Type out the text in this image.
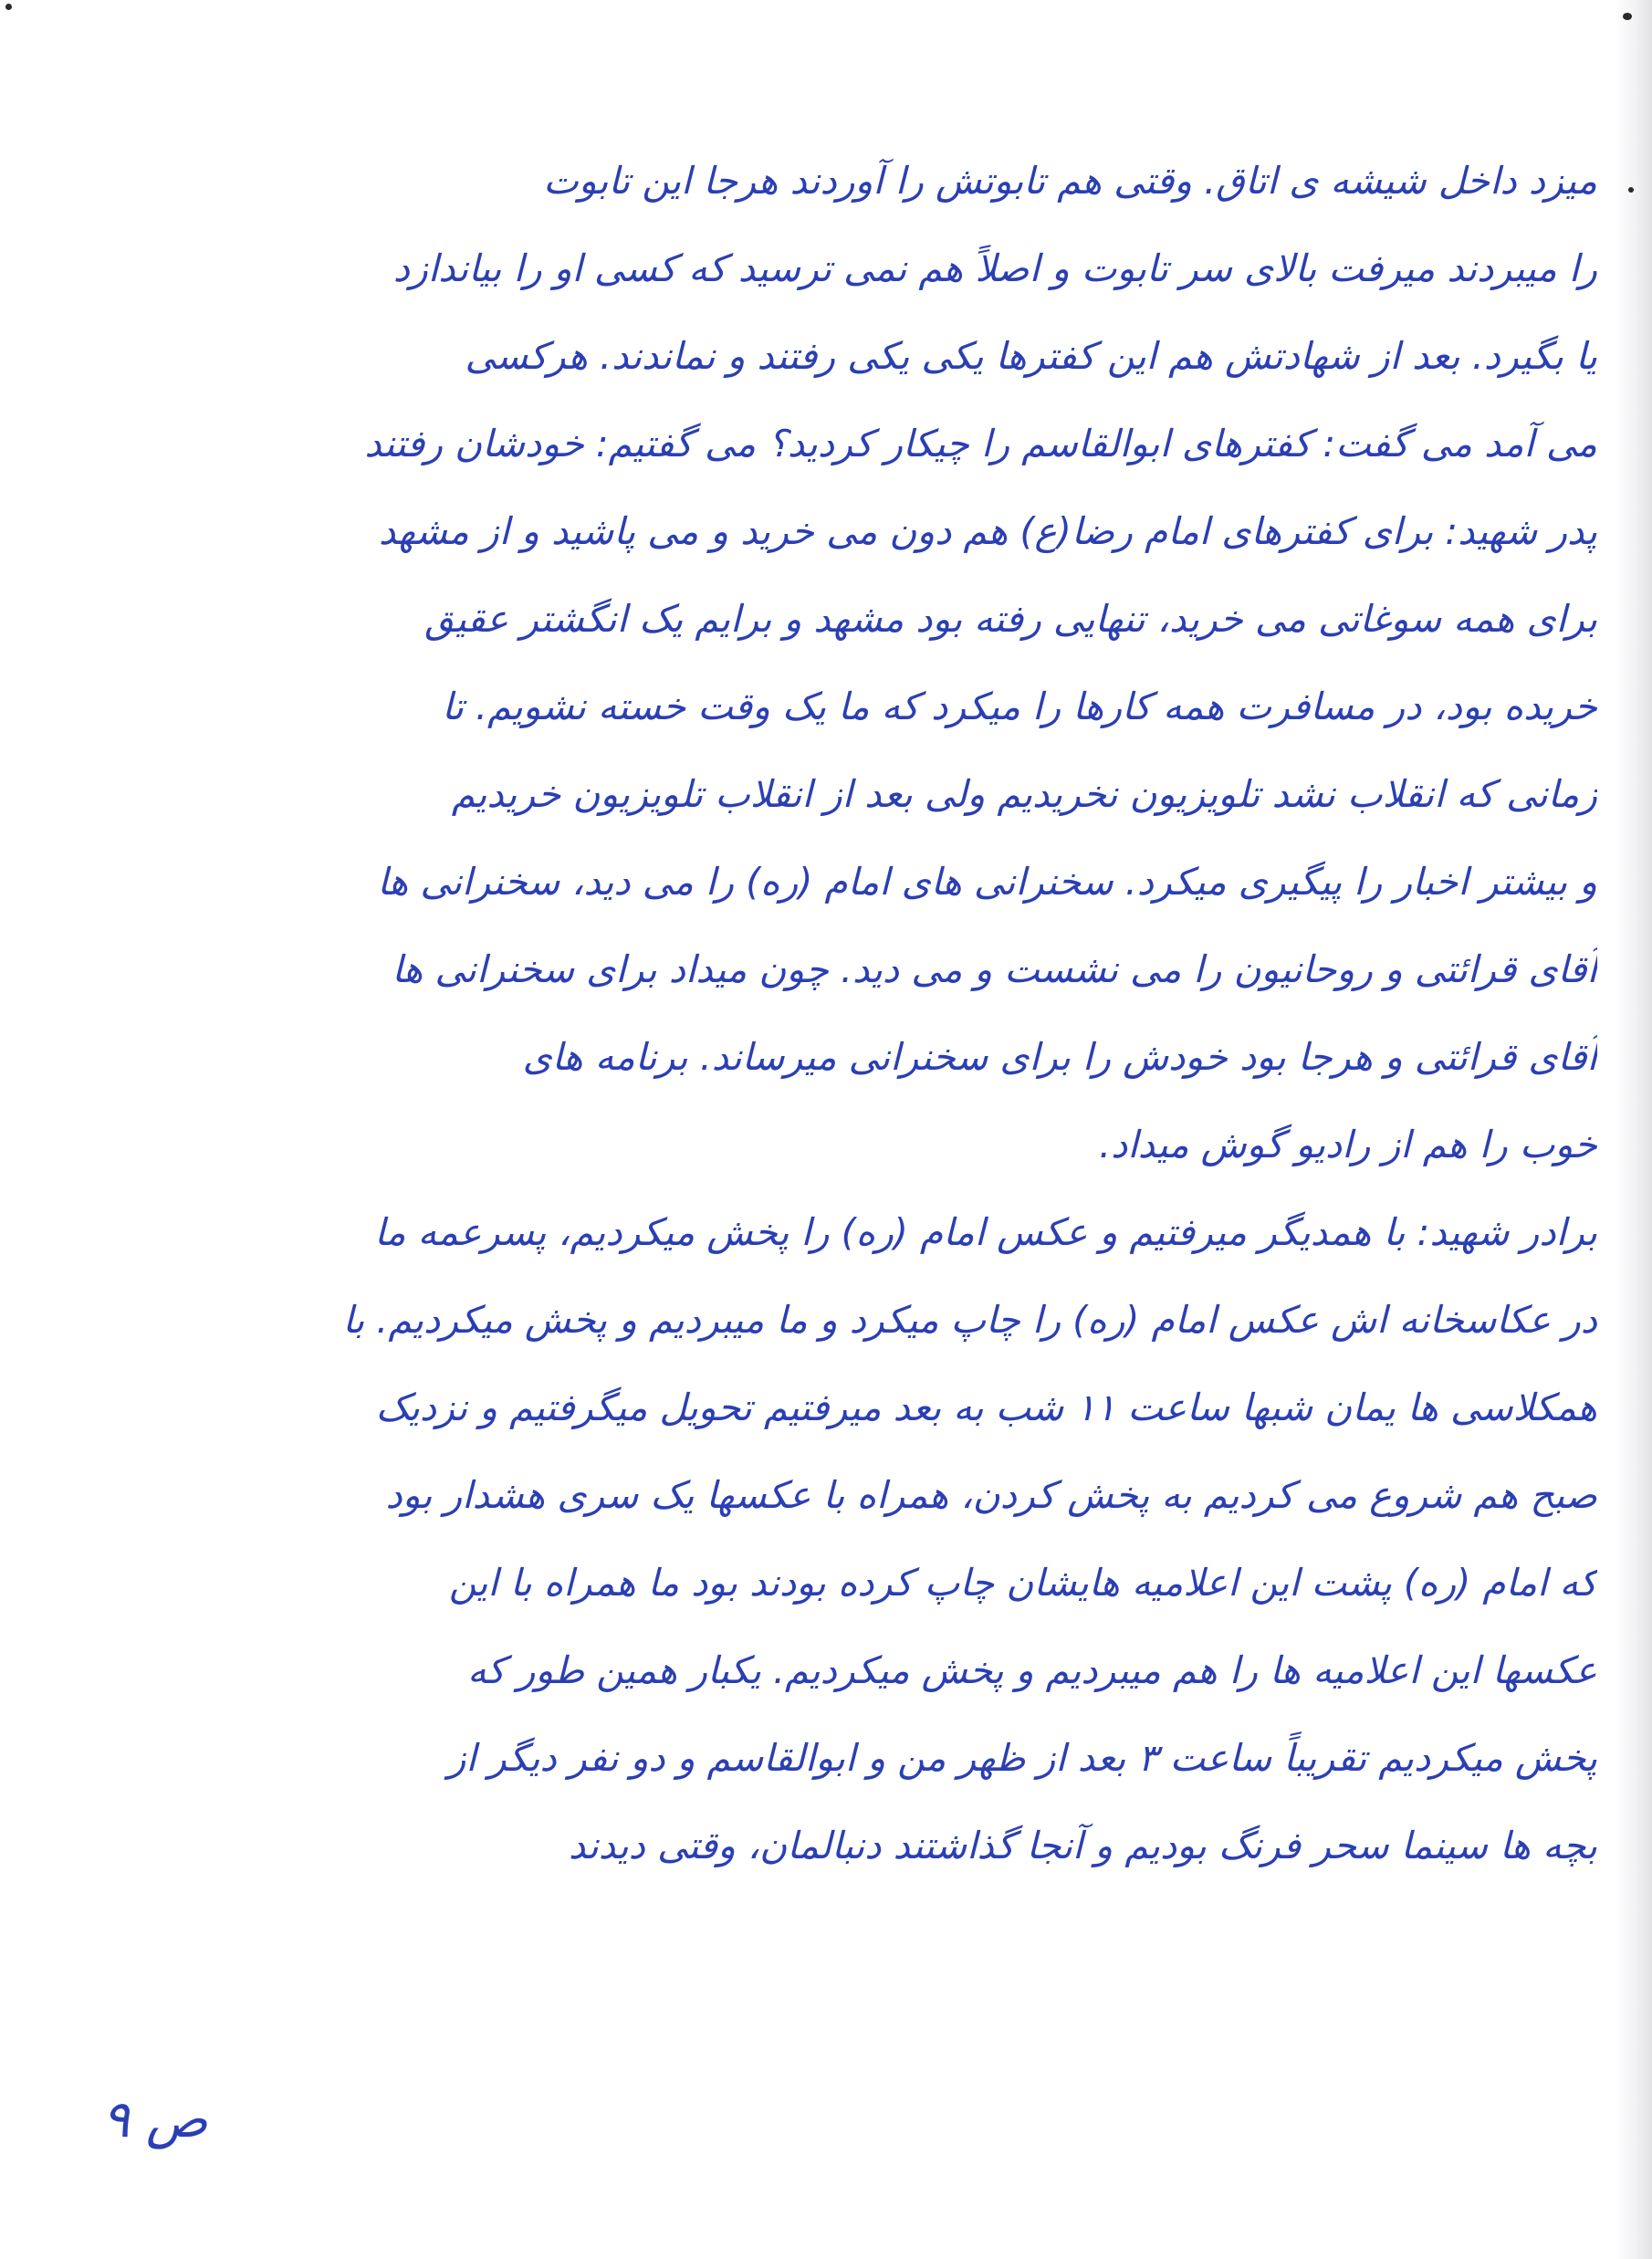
میزد داخل شیشه ی اتاق. وقتی هم تابوتش را آوردند هرجا این تابوت
را میبردند میرفت بالای سر تابوت و اصلاً هم نمی ترسید که کسی او را بیاندازد
یا بگیرد. بعد از شهادتش هم این کفترها یکی یکی رفتند و نماندند. هرکسی
می آمد می گفت: کفترهای ابوالقاسم را چیکار کردید؟ می گفتیم: خودشان رفتند
پدر شهید: برای کفترهای امام رضا(ع) هم دون می خرید و می پاشید و از مشهد
برای همه سوغاتی می خرید، تنهایی رفته بود مشهد و برایم یک انگشتر عقیق
خریده بود، در مسافرت همه کارها را میکرد که ما یک وقت خسته نشویم. تا
زمانی که انقلاب نشد تلویزیون نخریدیم ولی بعد از انقلاب تلویزیون خریدیم
و بیشتر اخبار را پیگیری میکرد. سخنرانی های امام (ره) را می دید، سخنرانی ها
آقای قرائتی و روحانیون را می نشست و می دید. چون میداد برای سخنرانی ها
آقای قرائتی و هرجا بود خودش را برای سخنرانی میرساند. برنامه های
خوب را هم از رادیو گوش میداد.
برادر شهید: با همدیگر میرفتیم و عکس امام (ره) را پخش میکردیم، پسرعمه ما
در عکاسخانه اش عکس امام (ره) را چاپ میکرد و ما میبردیم و پخش میکردیم. با
همکلاسی ها یمان شبها ساعت ۱۱ شب به بعد میرفتیم تحویل میگرفتیم و نزدیک
صبح هم شروع می کردیم به پخش کردن، همراه با عکسها یک سری هشدار بود
که امام (ره) پشت این اعلامیه هایشان چاپ کرده بودند بود ما همراه با این
عکسها این اعلامیه ها را هم میبردیم و پخش میکردیم. یکبار همین طور که
پخش میکردیم تقریباً ساعت ۳ بعد از ظهر من و ابوالقاسم و دو نفر دیگر از
بچه ها سینما سحر فرنگ بودیم و آنجا گذاشتند دنبالمان، وقتی دیدند
ص ۹
